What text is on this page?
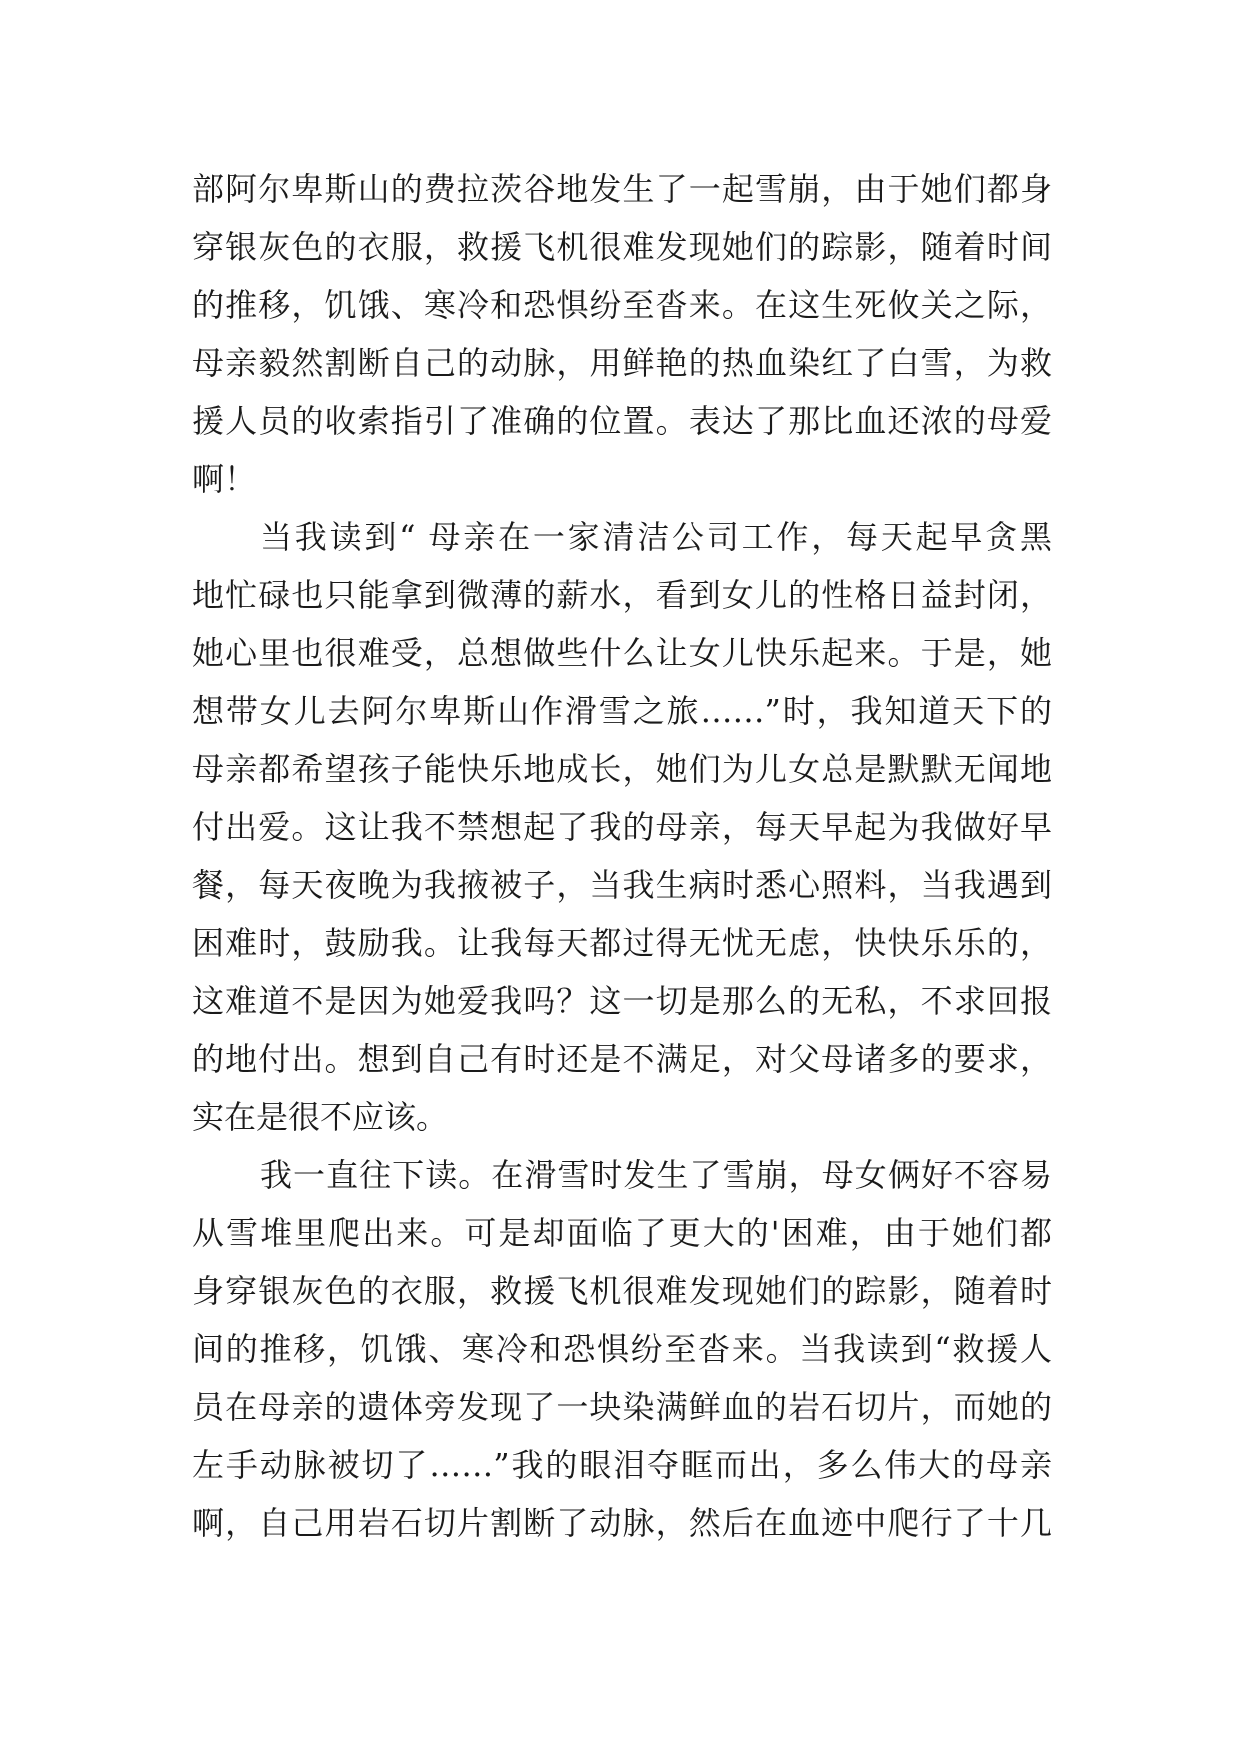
部阿尔卑斯山的费拉茨谷地发生了一起雪崩，由于她们都身
穿银灰色的衣服，救援飞机很难发现她们的踪影，随着时间
的推移，饥饿、寒冷和恐惧纷至沓来。在这生死攸关之际，
母亲毅然割断自己的动脉，用鲜艳的热血染红了白雪，为救
援人员的收索指引了准确的位置。表达了那比血还浓的母爱
啊！
当我读到“ 母亲在一家清洁公司工作，每天起早贪黑
地忙碌也只能拿到微薄的薪水，看到女儿的性格日益封闭，
她心里也很难受，总想做些什么让女儿快乐起来。于是，她
想带女儿去阿尔卑斯山作滑雪之旅……”时，我知道天下的
母亲都希望孩子能快乐地成长，她们为儿女总是默默无闻地
付出爱。这让我不禁想起了我的母亲，每天早起为我做好早
餐，每天夜晚为我掖被子，当我生病时悉心照料，当我遇到
困难时，鼓励我。让我每天都过得无忧无虑，快快乐乐的，
这难道不是因为她爱我吗？这一切是那么的无私，不求回报
的地付出。想到自己有时还是不满足，对父母诸多的要求，
实在是很不应该。
我一直往下读。在滑雪时发生了雪崩，母女俩好不容易
从雪堆里爬出来。可是却面临了更大的'困难，由于她们都
身穿银灰色的衣服，救援飞机很难发现她们的踪影，随着时
间的推移，饥饿、寒冷和恐惧纷至沓来。当我读到“救援人
员在母亲的遗体旁发现了一块染满鲜血的岩石切片，而她的
左手动脉被切了……”我的眼泪夺眶而出，多么伟大的母亲
啊，自己用岩石切片割断了动脉，然后在血迹中爬行了十几
